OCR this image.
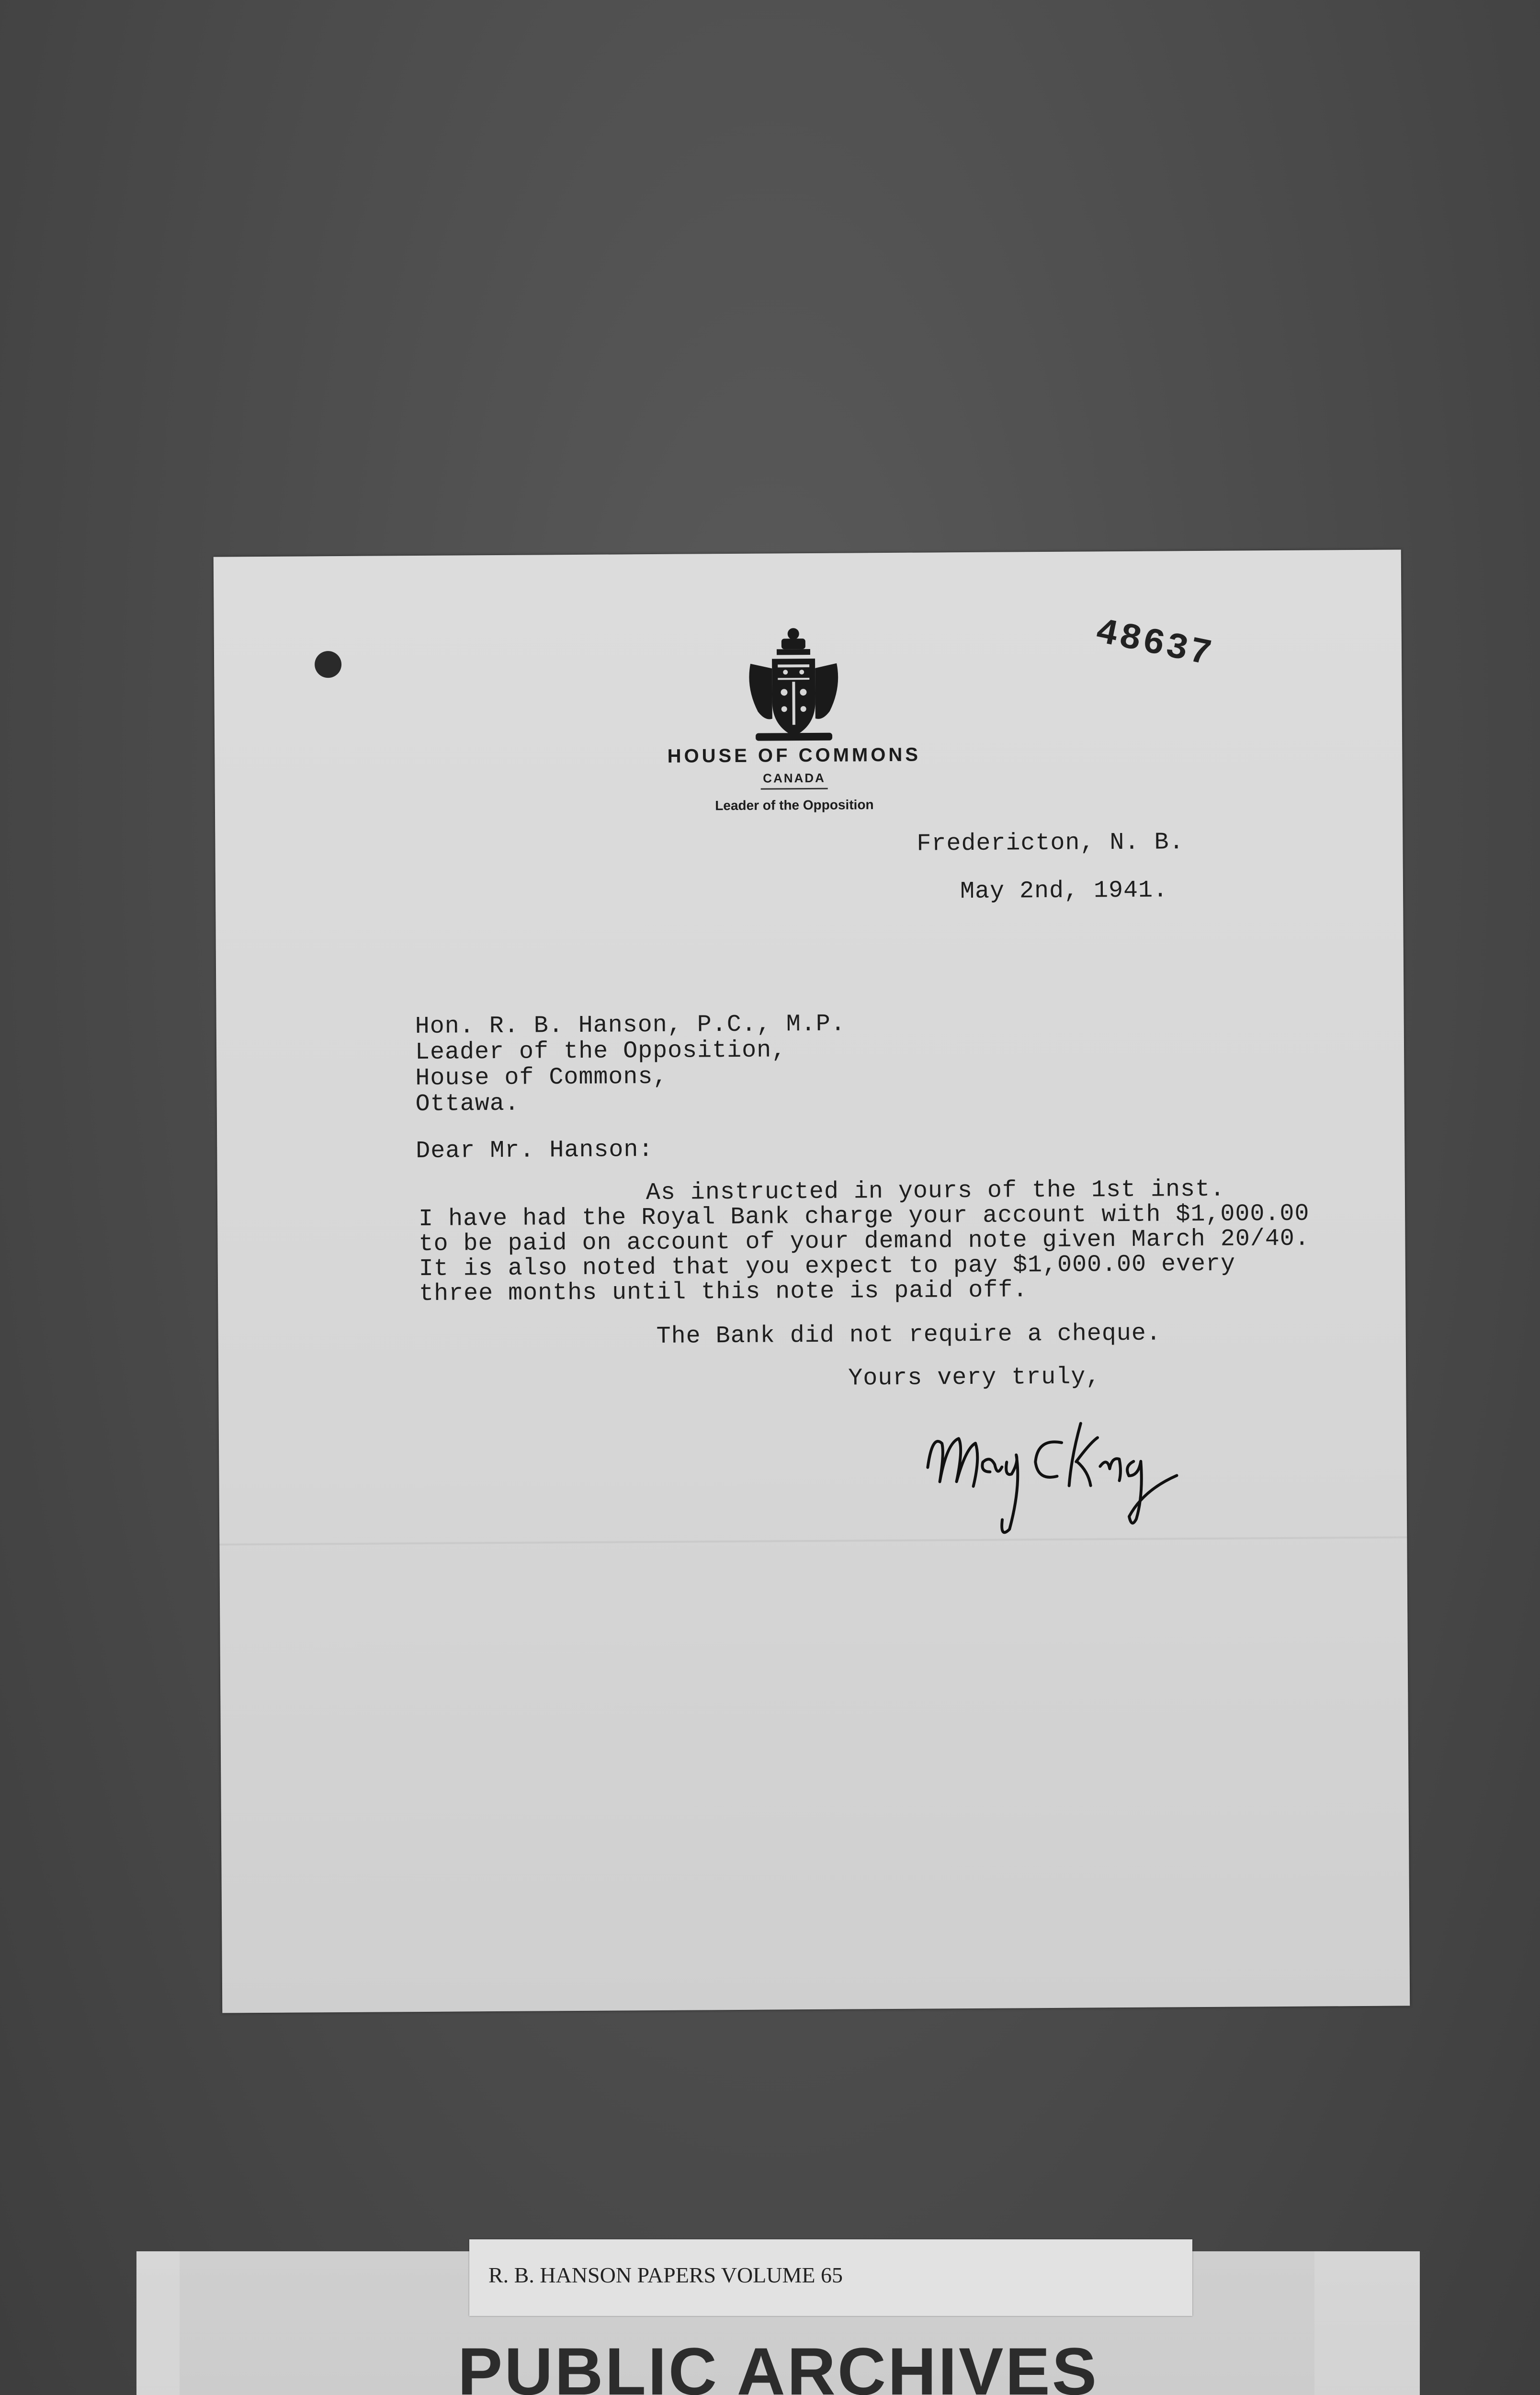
48637
HOUSE OF COMMONS
CANADA
Leader of the Opposition
Fredericton, N. B.
May 2nd, 1941.
Hon. R. B. Hanson, P.C., M.P.
Leader of the Opposition,
House of Commons,
Ottawa.
Dear Mr. Hanson:
As instructed in yours of the 1st inst.
I have had the Royal Bank charge your account with $1,000.00
to be paid on account of your demand note given March 20/40.
It is also noted that you expect to pay $1,000.00 every
three months until this note is paid off.
The Bank did not require a cheque.
Yours very truly,
R. B. HANSON PAPERS VOLUME 65
PUBLIC ARCHIVES
